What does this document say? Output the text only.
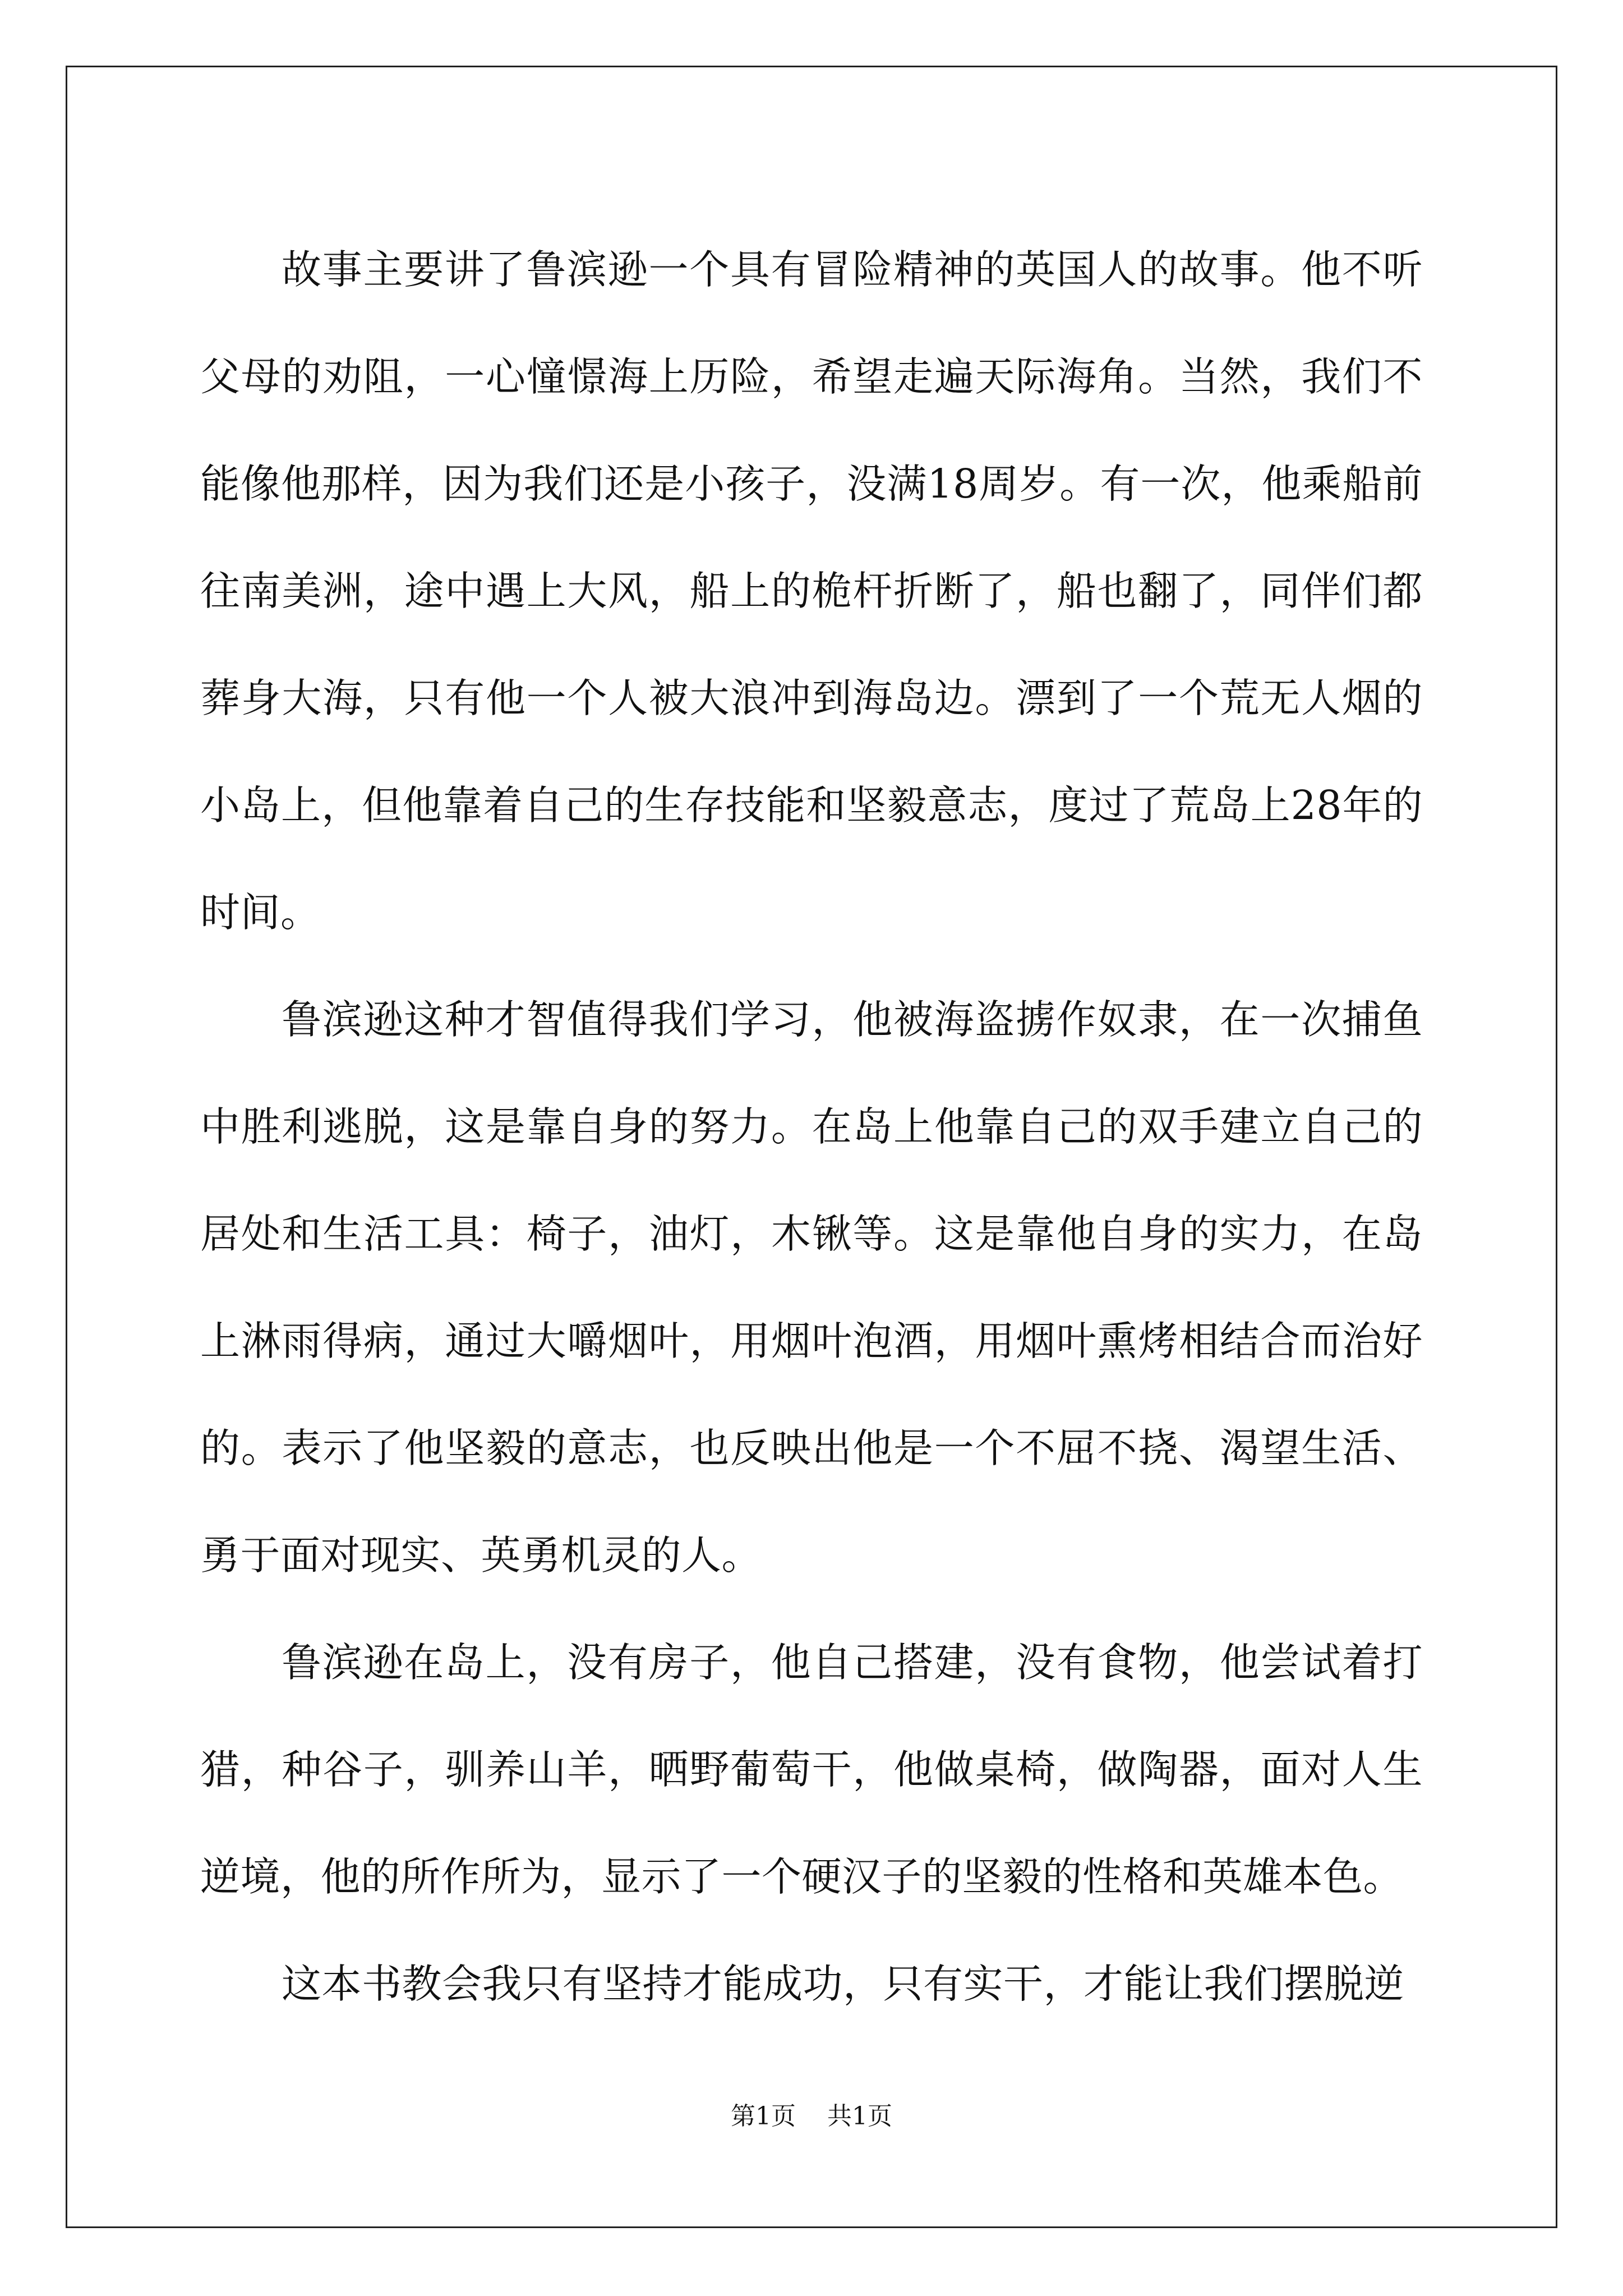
故事主要讲了鲁滨逊一个具有冒险精神的英国人的故事。他不听父母的劝阻，一心憧憬海上历险，希望走遍天际海角。当然，我们不能像他那样，因为我们还是小孩子，没满18周岁。有一次，他乘船前往南美洲，途中遇上大风，船上的桅杆折断了，船也翻了，同伴们都葬身大海，只有他一个人被大浪冲到海岛边。漂到了一个荒无人烟的小岛上，但他靠着自己的生存技能和坚毅意志，度过了荒岛上28年的时间。

鲁滨逊这种才智值得我们学习，他被海盗掳作奴隶，在一次捕鱼中胜利逃脱，这是靠自身的努力。在岛上他靠自己的双手建立自己的居处和生活工具：椅子，油灯，木锹等。这是靠他自身的实力，在岛上淋雨得病，通过大嚼烟叶，用烟叶泡酒，用烟叶熏烤相结合而治好的。表示了他坚毅的意志，也反映出他是一个不屈不挠、渴望生活、勇于面对现实、英勇机灵的人。

鲁滨逊在岛上，没有房子，他自己搭建，没有食物，他尝试着打猎，种谷子，驯养山羊，晒野葡萄干，他做桌椅，做陶器，面对人生逆境，他的所作所为，显示了一个硬汉子的坚毅的性格和英雄本色。

这本书教会我只有坚持才能成功，只有实干，才能让我们摆脱逆

第1页 共1页
